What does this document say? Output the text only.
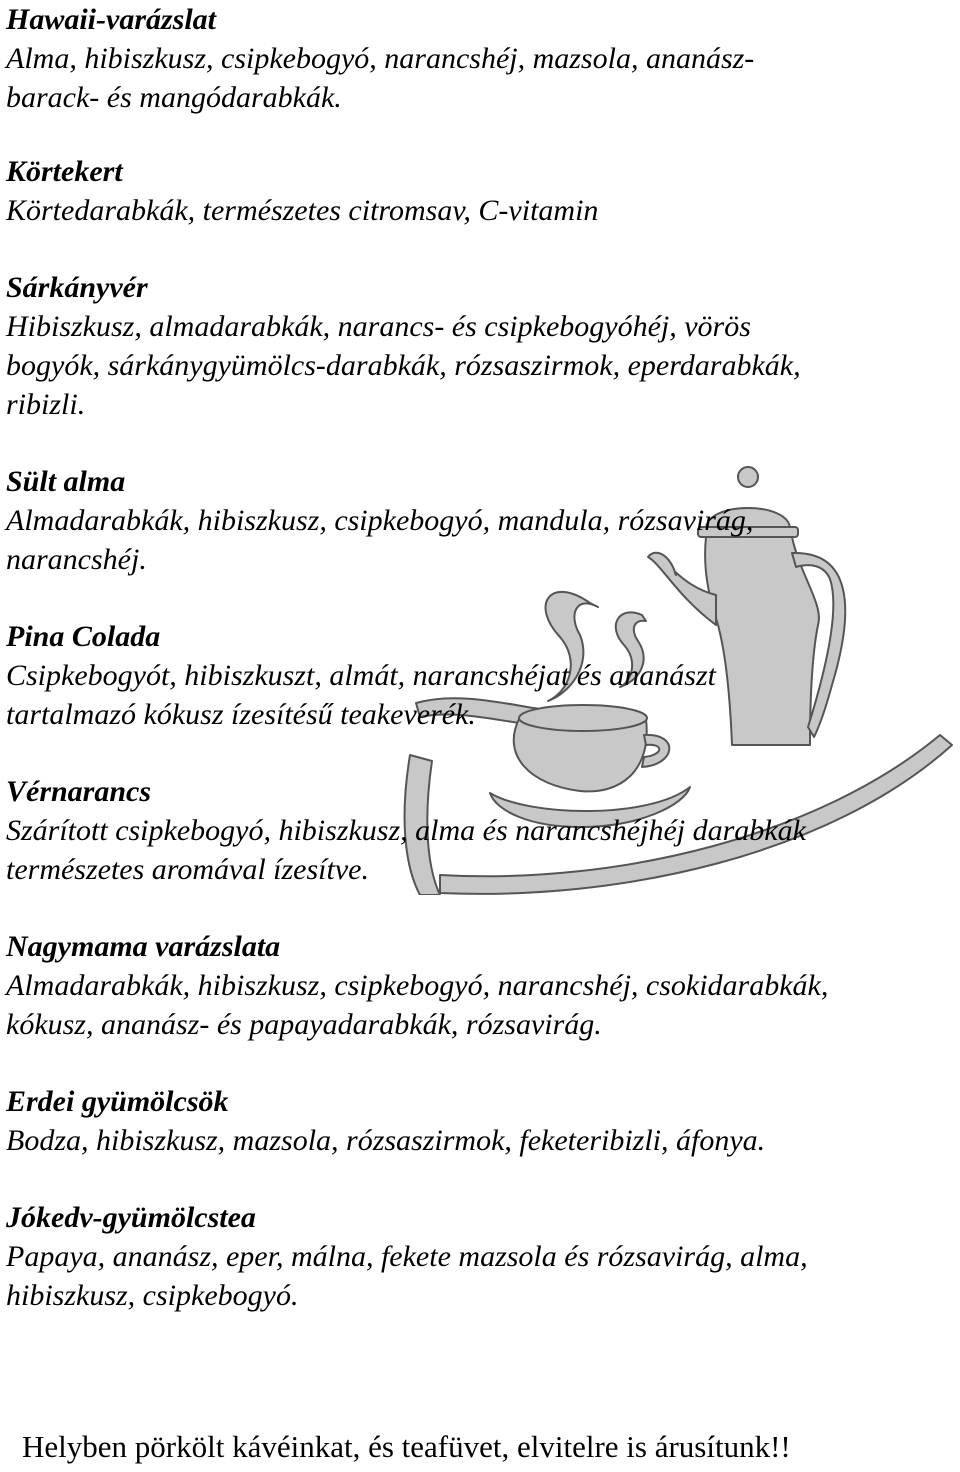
Hawaii-varázslat

Alma, hibiszkusz, csipkebogyó, narancshéj, mazsola, ananász-

barack- és mangódarabkák.

Körtekert

Körtedarabkák, természetes citromsav, C-vitamin

Sárkányvér

Hibiszkusz, almadarabkák, narancs- és csipkebogyóhéj, vörös

bogyók, sárkánygyümölcs-darabkák, rózsaszirmok, eperdarabkák,

ribizli.

Sült alma

Almadarabkák, hibiszkusz, csipkebogyó, mandula, rózsavirág,

narancshéj.

Pina Colada

Csipkebogyót, hibiszkuszt, almát, narancshéjat és ananászt

tartalmazó kókusz ízesítésű teakeverék.

Vérnarancs

Szárított csipkebogyó, hibiszkusz, alma és narancshéjhéj darabkák

természetes aromával ízesítve.

Nagymama varázslata

Almadarabkák, hibiszkusz, csipkebogyó, narancshéj, csokidarabkák,

kókusz, ananász- és papayadarabkák, rózsavirág.

Erdei gyümölcsök

Bodza, hibiszkusz, mazsola, rózsaszirmok, feketeribizli, áfonya.

Jókedv-gyümölcstea

Papaya, ananász, eper, málna, fekete mazsola és rózsavirág, alma,

hibiszkusz, csipkebogyó.

Helyben pörkölt kávéinkat, és teafüvet, elvitelre is árusítunk!!
